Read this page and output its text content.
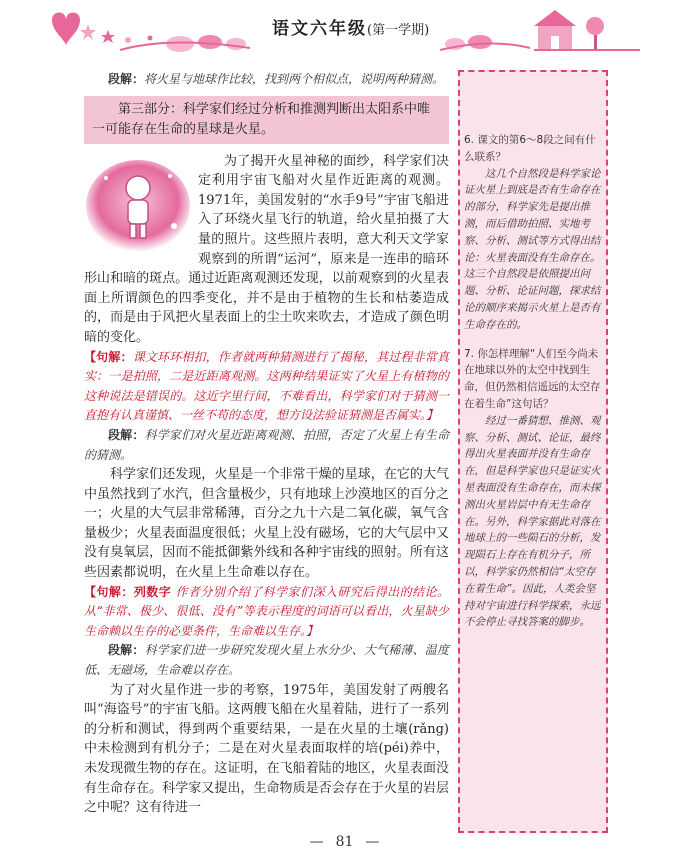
语文六年级(第一学期)

段解：将火星与地球作比较，找到两个相似点，说明两种猜测。

第三部分：科学家们经过分析和推测判断出太阳系中唯一可能存在生命的星球是火星。

为了揭开火星神秘的面纱，科学家们决定利用宇宙飞船对火星作近距离的观测。1971年，美国发射的“水手9号”宇宙飞船进入了环绕火星飞行的轨道，给火星拍摄了大量的照片。这些照片表明，意大利天文学家观察到的所谓“运河”，原来是一连串的暗环形山和暗的斑点。通过近距离观测还发现，以前观察到的火星表面上所谓颜色的四季变化，并不是由于植物的生长和枯萎造成的，而是由于风把火星表面上的尘土吹来吹去，才造成了颜色明暗的变化。

【句解：课文环环相扣，作者就两种猜测进行了揭秘，其过程非常真实：一是拍照，二是近距离观测。这两种结果证实了火星上有植物的这种说法是错误的。这近字里行间，不难看出，科学家们对于猜测一直抱有认真谨慎、一丝不苟的态度，想方设法验证猜测是否属实。】

段解：科学家们对火星近距离观测、拍照，否定了火星上有生命的猜测。

科学家们还发现，火星是一个非常干燥的星球，在它的大气中虽然找到了水汽，但含量极少，只有地球上沙漠地区的百分之一；火星的大气层非常稀薄，百分之九十六是二氧化碳，氧气含量极少；火星表面温度很低；火星上没有磁场，它的大气层中又没有臭氧层，因而不能抵御紫外线和各种宇宙线的照射。所有这些因素都说明，在火星上生命难以存在。

【句解：列数字 作者分别介绍了科学家们深入研究后得出的结论。从“非常、极少、很低、没有”等表示程度的词语可以看出，火星缺少生命赖以生存的必要条件，生命难以生存。】

段解：科学家们进一步研究发现火星上水分少、大气稀薄、温度低、无磁场，生命难以存在。

为了对火星作进一步的考察，1975年，美国发射了两艘名叫“海盗号”的宇宙飞船。这两艘飞船在火星着陆，进行了一系列的分析和测试，得到两个重要结果，一是在火星的土壤(rǎng)中未检测到有机分子；二是在对火星表面取样的培(péi)养中，未发现微生物的存在。这证明，在飞船着陆的地区，火星表面没有生命存在。科学家又提出，生命物质是否会存在于火星的岩层之中呢？这有待进一

6. 课文的第6～8段之间有什么联系？

这几个自然段是科学家论证火星上到底是否有生命存在的部分，科学家先是提出推测，而后借助拍照、实地考察、分析、测试等方式得出结论：火星表面没有生命存在。这三个自然段是依照提出问题、分析、论证问题，探求结论的顺序来揭示火星上是否有生命存在的。

7. 你怎样理解“人们至今尚未在地球以外的太空中找到生命，但仍然相信遥远的太空存在着生命”这句话？

经过一番猜想、推测、观察、分析、测试、论证，最终得出火星表面并没有生命存在，但是科学家也只是证实火星表面没有生命存在，而未探测出火星岩层中有无生命存在。另外，科学家据此对落在地球上的一些陨石的分析，发现陨石上存在有机分子，所以，科学家仍然相信“太空存在着生命”。因此，人类会坚持对宇宙进行科学探索，永远不会停止寻找答案的脚步。

— 81 —
